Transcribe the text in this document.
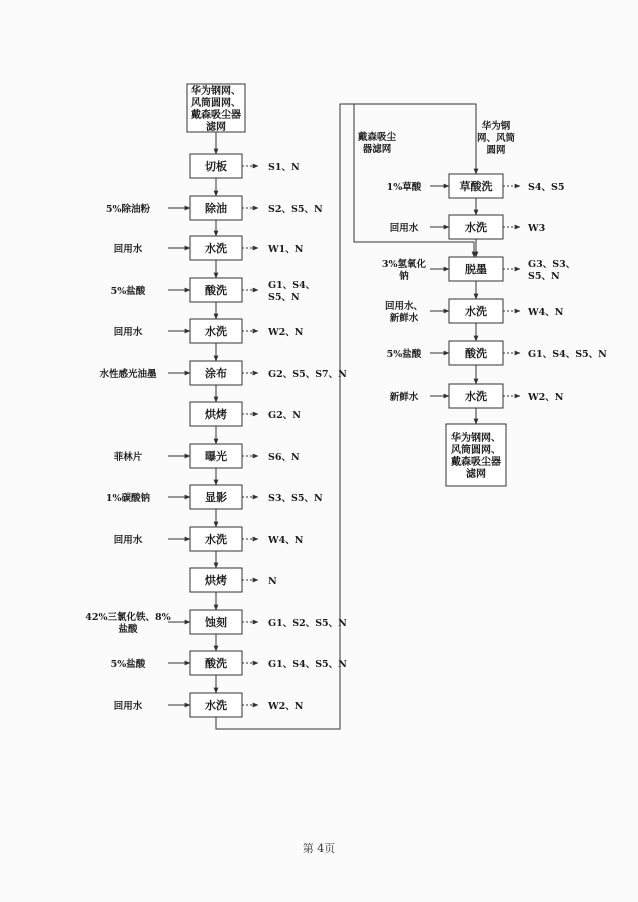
华为钢网、风筒圆网、戴森吸尘器滤网
切板
除油
水洗
酸洗
水洗
涂布
烘烤
曝光
显影
水洗
烘烤
蚀刻
酸洗
水洗
草酸洗
水洗
脱墨
水洗
酸洗
水洗
华为钢网、风筒圆网、戴森吸尘器滤网
S1、N
5%除油粉	S2、S5、N
回用水	W1、N
5%盐酸
G1、S4、 S5、N
回用水	W2、N
水性感光油墨	G2、S5、S7、N
G2、N
菲林片	S6、N
1%碳酸钠	S3、S5、N
回用水	W4、N
N
42%三氯化铁、8%盐酸
G1、S2、S5、N
5%盐酸	G1、S4、S5、N
回用水	W2、N
戴森吸尘器滤网
华为钢网、风筒圆网
1%草酸	S4、S5
回用水	W3
3%氢氧化钠
G3、S3、 S5、N
回用水、新鲜水
W4、N
5%盐酸	G1、S4、S5、N
新鲜水	W2、N
第 4页
